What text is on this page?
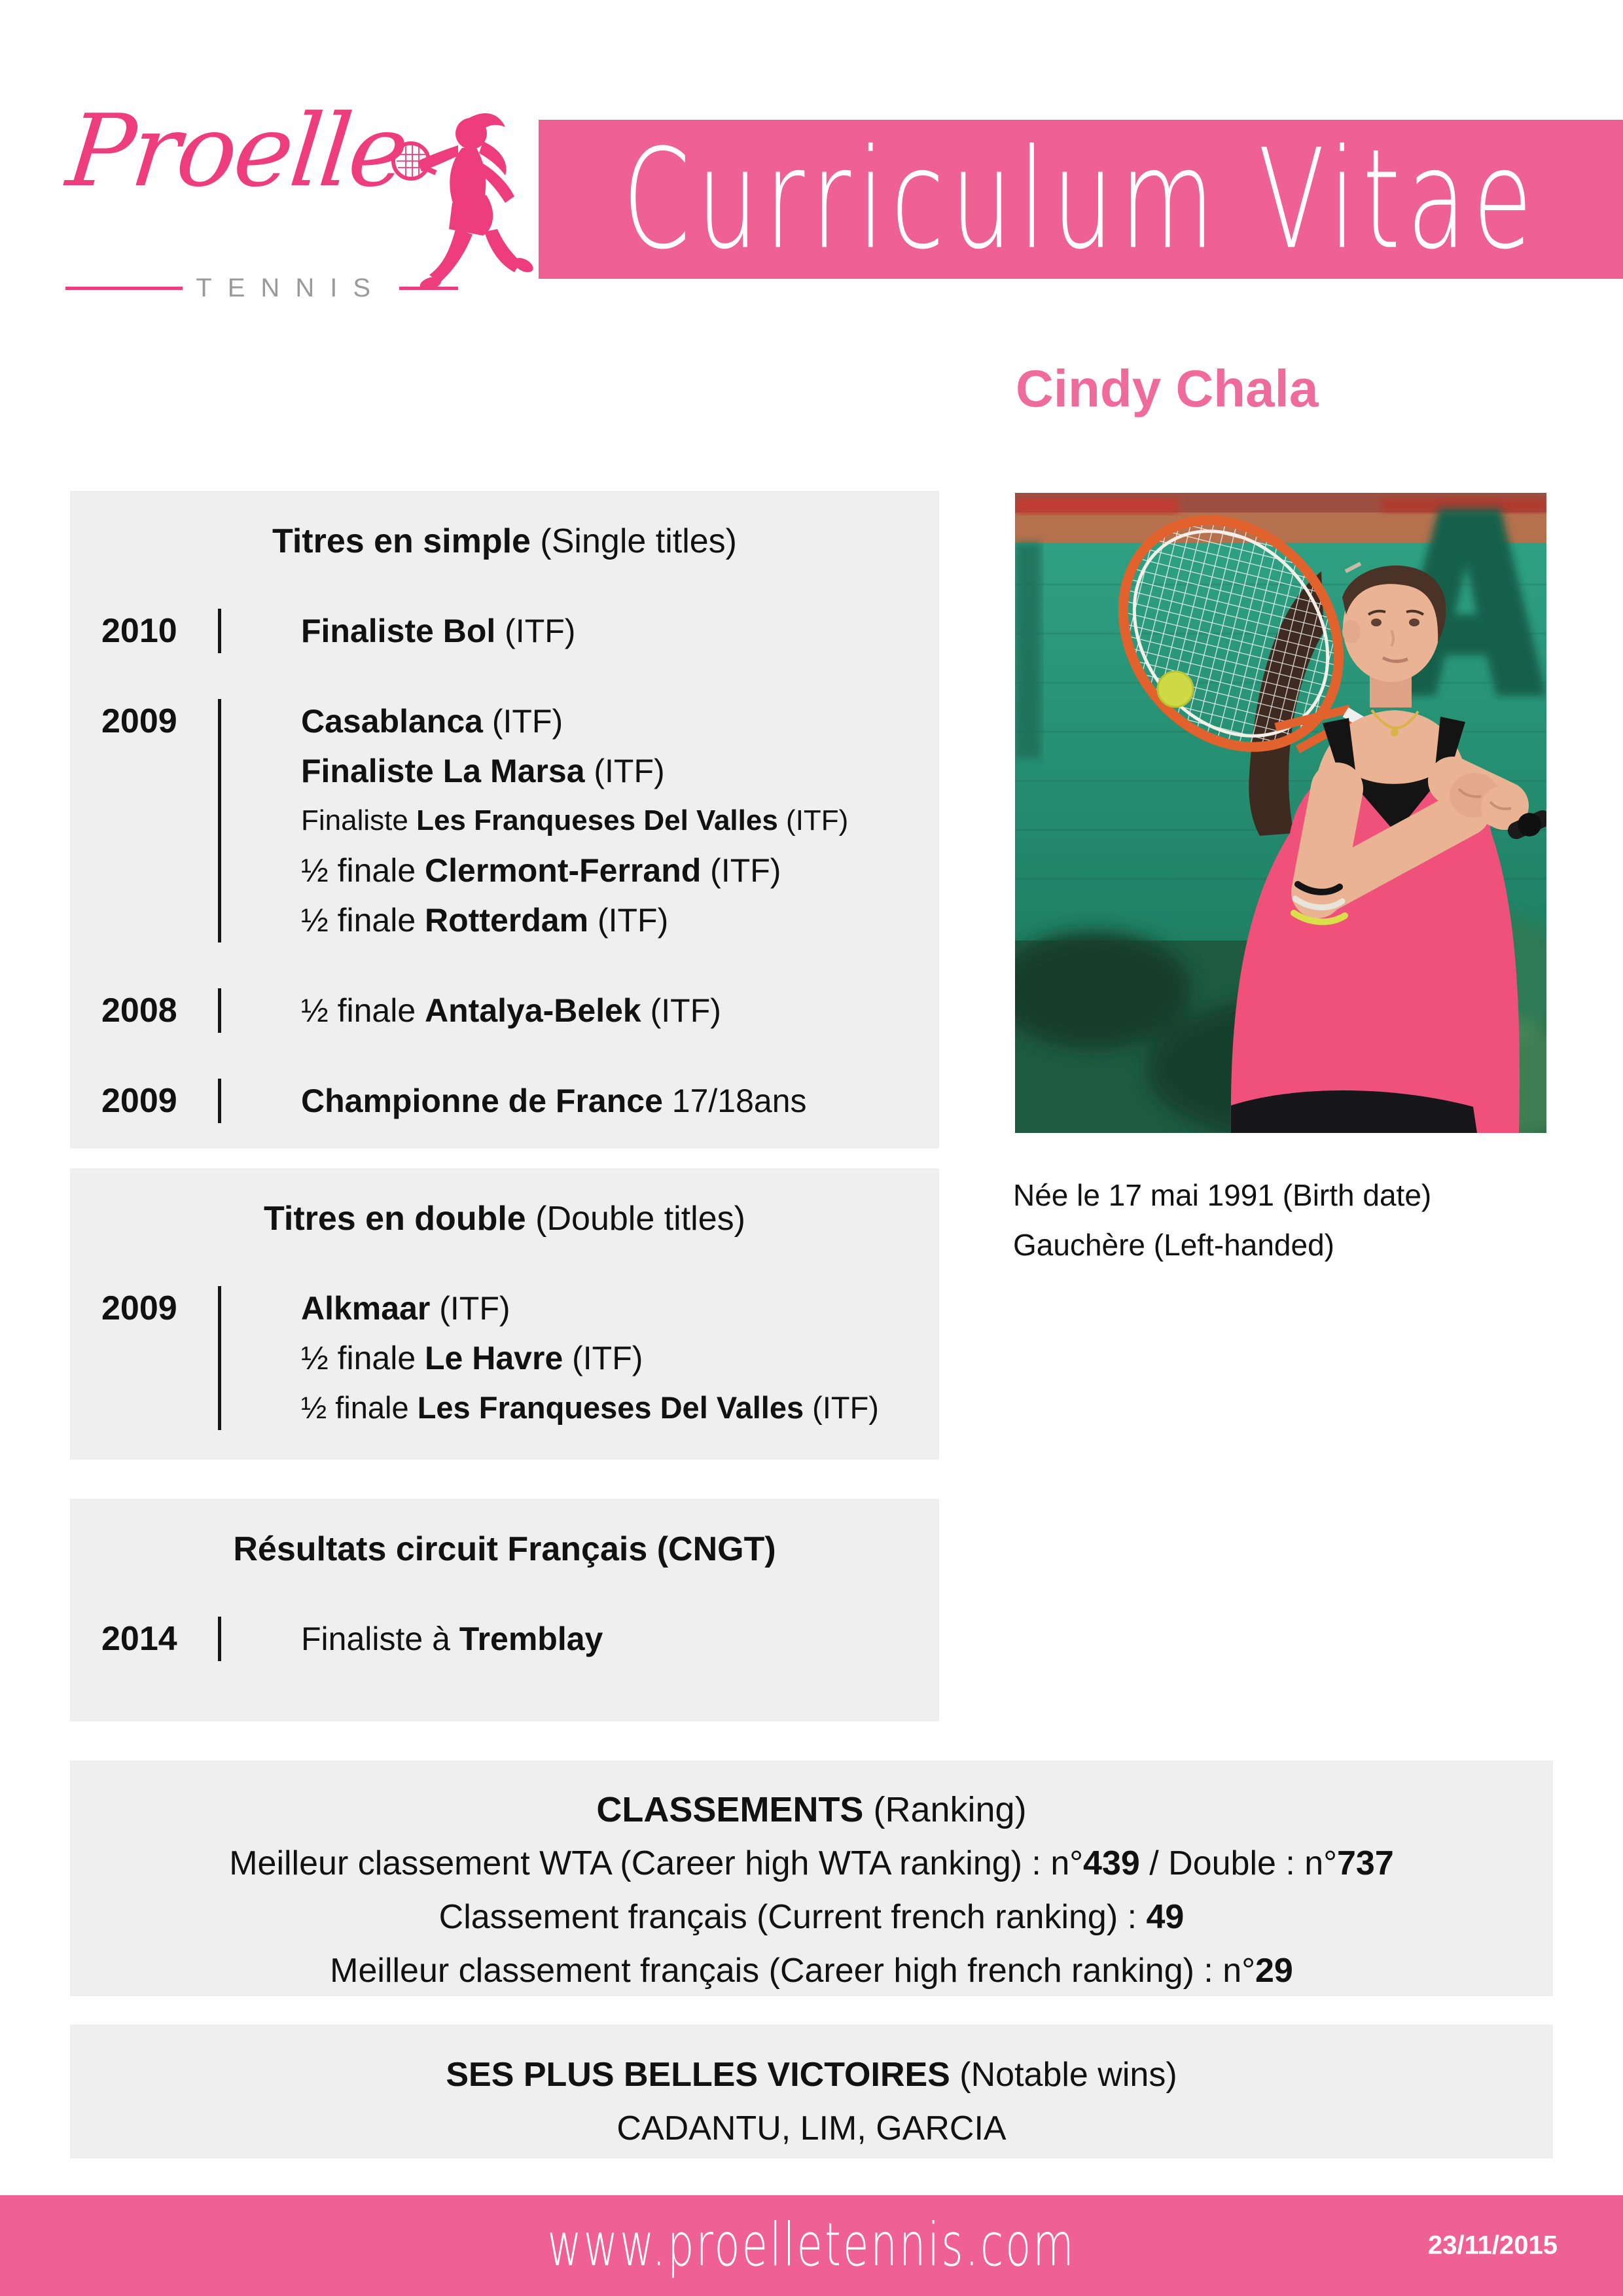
Proelle
TENNIS
Curriculum Vitae
Cindy Chala
Titres en simple (Single titles)
2010	Finaliste Bol (ITF)
2009	Casablanca (ITF)
Finaliste La Marsa (ITF)
Finaliste Les Franqueses Del Valles (ITF)
½ finale Clermont-Ferrand (ITF)
½ finale Rotterdam (ITF)
2008	½ finale Antalya-Belek (ITF)
2009	Championne de France 17/18ans
Née le 17 mai 1991 (Birth date)
Gauchère (Left-handed)
Titres en double (Double titles)
2009	Alkmaar (ITF)
½ finale Le Havre (ITF)
½ finale Les Franqueses Del Valles (ITF)
Résultats circuit Français (CNGT)
2014	Finaliste à Tremblay
CLASSEMENTS (Ranking)
Meilleur classement WTA (Career high WTA ranking) : n°439 / Double : n°737
Classement français (Current french ranking) : 49
Meilleur classement français (Career high french ranking) : n°29
SES PLUS BELLES VICTOIRES (Notable wins)
CADANTU, LIM, GARCIA
www.proelletennis.com	23/11/2015
